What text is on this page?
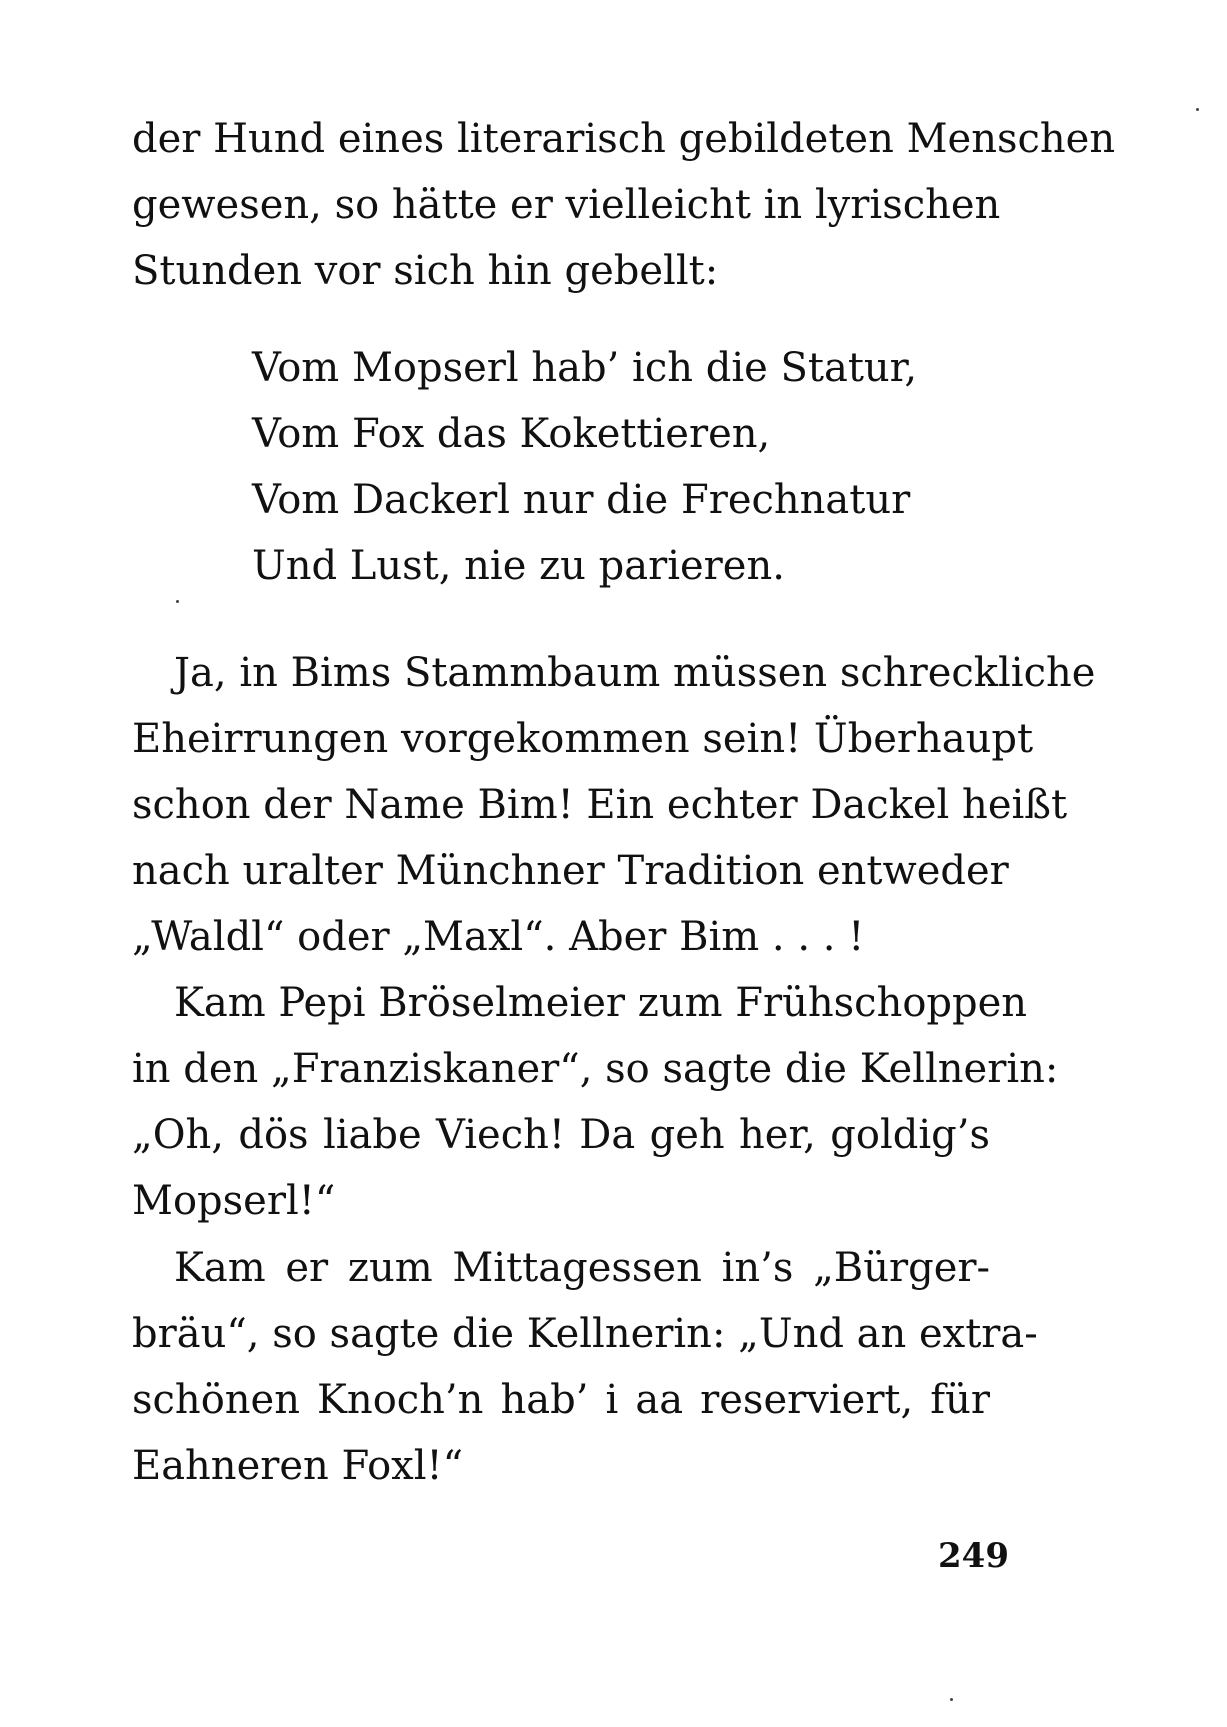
der Hund eines literarisch gebildeten Menschen
gewesen, so hätte er vielleicht in lyrischen
Stunden vor sich hin gebellt:
Vom Mopserl hab’ ich die Statur,
Vom Fox das Kokettieren,
Vom Dackerl nur die Frechnatur
Und Lust, nie zu parieren.
Ja, in Bims Stammbaum müssen schreckliche
Eheirrungen vorgekommen sein! Überhaupt
schon der Name Bim! Ein echter Dackel heißt
nach uralter Münchner Tradition entweder
„Waldl“ oder „Maxl“. Aber Bim . . . !
Kam Pepi Bröselmeier zum Frühschoppen
in den „Franziskaner“, so sagte die Kellnerin:
„Oh, dös liabe Viech! Da geh her, goldig’s
Mopserl!“
Kam er zum Mittagessen in’s „Bürger-
bräu“, so sagte die Kellnerin: „Und an extra-
schönen Knoch’n hab’ i aa reserviert, für
Eahneren Foxl!“
249
